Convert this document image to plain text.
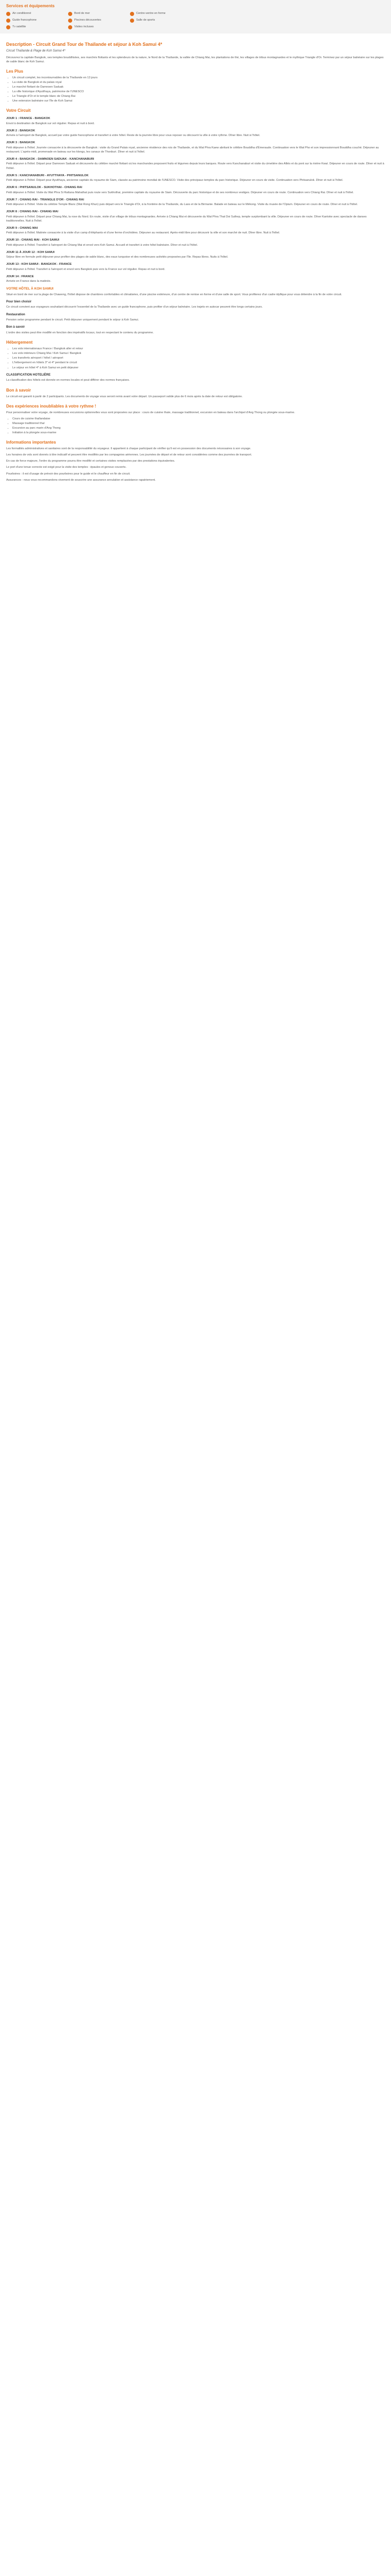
Services et équipements
Air conditionné	Bord de mer	Centre-ventre en forme
Guide francophone	Piscines découvertes	Salle de sports
Tv satellite	Visites incluses
Description - Circuit Grand Tour de Thaïlande et séjour à Koh Samui 4*
Circuit Thaïlande & Plage de Koh Samui 4*

Découvrez la capitale Bangkok, ses temples bouddhistes, ses marchés flottants et les splendeurs de la nature, le Nord de la Thaïlande, la vallée de Chiang Mai, les plantations de thé, les villages de tribus montagnardes et le mythique Triangle d'Or. Terminez par un séjour balnéaire sur les plages de sable blanc de Koh Samui.

Les Plus
• Un circuit complet, les incontournables de la Thaïlande en 13 jours
• La visite de Bangkok et du palais royal
• Le marché flottant de Damnoen Saduak
• La ville historique d'Ayutthaya, patrimoine de l'UNESCO
• Le Triangle d'Or et le temple blanc de Chiang Rai
• Une extension balnéaire sur l'île de Koh Samui
Votre Circuit
JOUR 1 : FRANCE - BANGKOK

Envol à destination de Bangkok sur vol régulier. Repas et nuit à bord.

JOUR 2 : BANGKOK

Arrivée à l'aéroport de Bangkok, accueil par votre guide francophone et transfert à votre hôtel. Reste de la journée libre pour vous reposer ou découvrir la ville à votre rythme. Dîner libre. Nuit à l'hôtel.

JOUR 3 : BANGKOK

Petit déjeuner à l'hôtel. Journée consacrée à la découverte de Bangkok : visite du Grand Palais royal, ancienne résidence des rois de Thaïlande, et du Wat Phra Kaew abritant le célèbre Bouddha d'Émeraude. Continuation vers le Wat Pho et son impressionnant Bouddha couché. Déjeuner au restaurant. L'après-midi, promenade en bateau sur les klongs, les canaux de Thonburi. Dîner et nuit à l'hôtel.

JOUR 4 : BANGKOK - DAMNOEN SADUAK - KANCHANABURI

Petit déjeuner à l'hôtel. Départ pour Damnoen Saduak et découverte du célèbre marché flottant où les marchandes proposent fruits et légumes depuis leurs barques. Route vers Kanchanaburi et visite du cimetière des Alliés et du pont sur la rivière Kwaï. Déjeuner en cours de route. Dîner et nuit à l'hôtel.

JOUR 5 : KANCHANABURI - AYUTTHAYA - PHITSANULOK

Petit déjeuner à l'hôtel. Départ pour Ayutthaya, ancienne capitale du royaume de Siam, classée au patrimoine mondial de l'UNESCO. Visite des principaux temples du parc historique. Déjeuner en cours de visite. Continuation vers Phitsanulok. Dîner et nuit à l'hôtel.

JOUR 6 : PHITSANULOK - SUKHOTHAI - CHIANG RAI

Petit déjeuner à l'hôtel. Visite du Wat Phra Si Rattana Mahathat puis route vers Sukhothai, première capitale du royaume de Siam. Découverte du parc historique et de ses nombreux vestiges. Déjeuner en cours de route. Continuation vers Chiang Rai. Dîner et nuit à l'hôtel.

JOUR 7 : CHIANG RAI - TRIANGLE D'OR - CHIANG RAI

Petit déjeuner à l'hôtel. Visite du célèbre Temple Blanc (Wat Rong Khun) puis départ vers le Triangle d'Or, à la frontière de la Thaïlande, du Laos et de la Birmanie. Balade en bateau sur le Mékong. Visite du musée de l'Opium. Déjeuner en cours de route. Dîner et nuit à l'hôtel.

JOUR 8 : CHIANG RAI - CHIANG MAI

Petit déjeuner à l'hôtel. Départ pour Chiang Mai, la rose du Nord. En route, visite d'un village de tribus montagnardes. Arrivée à Chiang Mai et découverte du Wat Phra That Doi Suthep, temple surplombant la ville. Déjeuner en cours de route. Dîner Kantoke avec spectacle de danses traditionnelles. Nuit à l'hôtel.

JOUR 9 : CHIANG MAI

Petit déjeuner à l'hôtel. Matinée consacrée à la visite d'un camp d'éléphants et d'une ferme d'orchidées. Déjeuner au restaurant. Après-midi libre pour découvrir la ville et son marché de nuit. Dîner libre. Nuit à l'hôtel.

JOUR 10 : CHIANG MAI - KOH SAMUI

Petit déjeuner à l'hôtel. Transfert à l'aéroport de Chiang Mai et envol vers Koh Samui. Accueil et transfert à votre hôtel balnéaire. Dîner et nuit à l'hôtel.

JOUR 11 À JOUR 12 : KOH SAMUI

Séjour libre en formule petit déjeuner pour profiter des plages de sable blanc, des eaux turquoise et des nombreuses activités proposées par l'île. Repas libres. Nuits à l'hôtel.

JOUR 13 : KOH SAMUI - BANGKOK - FRANCE

Petit déjeuner à l'hôtel. Transfert à l'aéroport et envol vers Bangkok puis vers la France sur vol régulier. Repas et nuit à bord.

JOUR 14 : FRANCE

Arrivée en France dans la matinée.

VOTRE HÔTEL À KOH SAMUI

Situé en bord de mer sur la plage de Chaweng, l'hôtel dispose de chambres confortables et climatisées, d'une piscine extérieure, d'un centre de remise en forme et d'une salle de sport. Vous profiterez d'un cadre idyllique pour vous détendre à la fin de votre circuit.

Pour bien choisir

Ce circuit convient aux voyageurs souhaitant découvrir l'essentiel de la Thaïlande avec un guide francophone, puis profiter d'un séjour balnéaire. Les trajets en autocar peuvent être longs certains jours.

Restauration

Pension selon programme pendant le circuit. Petit déjeuner uniquement pendant le séjour à Koh Samui.

Bon à savoir

L'ordre des visites peut être modifié en fonction des impératifs locaux, tout en respectant le contenu du programme.

Hébergement
• Les vols internationaux France / Bangkok aller et retour
• Les vols intérieurs Chiang Mai / Koh Samui / Bangkok
• Les transferts aéroport / hôtel / aéroport
• L'hébergement en hôtels 3* et 4* pendant le circuit
• Le séjour en hôtel 4* à Koh Samui en petit déjeuner
CLASSIFICATION HOTELIÈRE

La classification des hôtels est donnée en normes locales et peut différer des normes françaises.

Bon à savoir

Le circuit est garanti à partir de 2 participants. Les documents de voyage vous seront remis avant votre départ. Un passeport valide plus de 6 mois après la date de retour est obligatoire.

Des expériences inoubliables à votre rythme !

Pour personnaliser votre voyage, de nombreuses excursions optionnelles vous sont proposées sur place : cours de cuisine thaïe, massage traditionnel, excursion en bateau dans l'archipel d'Ang Thong ou plongée sous-marine.

• Cours de cuisine thaïlandaise
• Massage traditionnel thaï
• Excursion au parc marin d'Ang Thong
• Initiation à la plongée sous-marine
Informations importantes

Les formalités administratives et sanitaires sont de la responsabilité du voyageur. Il appartient à chaque participant de vérifier qu'il est en possession des documents nécessaires à son voyage.

Les horaires de vols sont donnés à titre indicatif et peuvent être modifiés par les compagnies aériennes. Les journées de départ et de retour sont considérées comme des journées de transport.

En cas de force majeure, l'ordre du programme pourra être modifié et certaines visites remplacées par des prestations équivalentes.

Le port d'une tenue correcte est exigé pour la visite des temples : épaules et genoux couverts.

Pourboires : il est d'usage de prévoir des pourboires pour le guide et le chauffeur en fin de circuit.

Assurances : nous vous recommandons vivement de souscrire une assurance annulation et assistance rapatriement.
